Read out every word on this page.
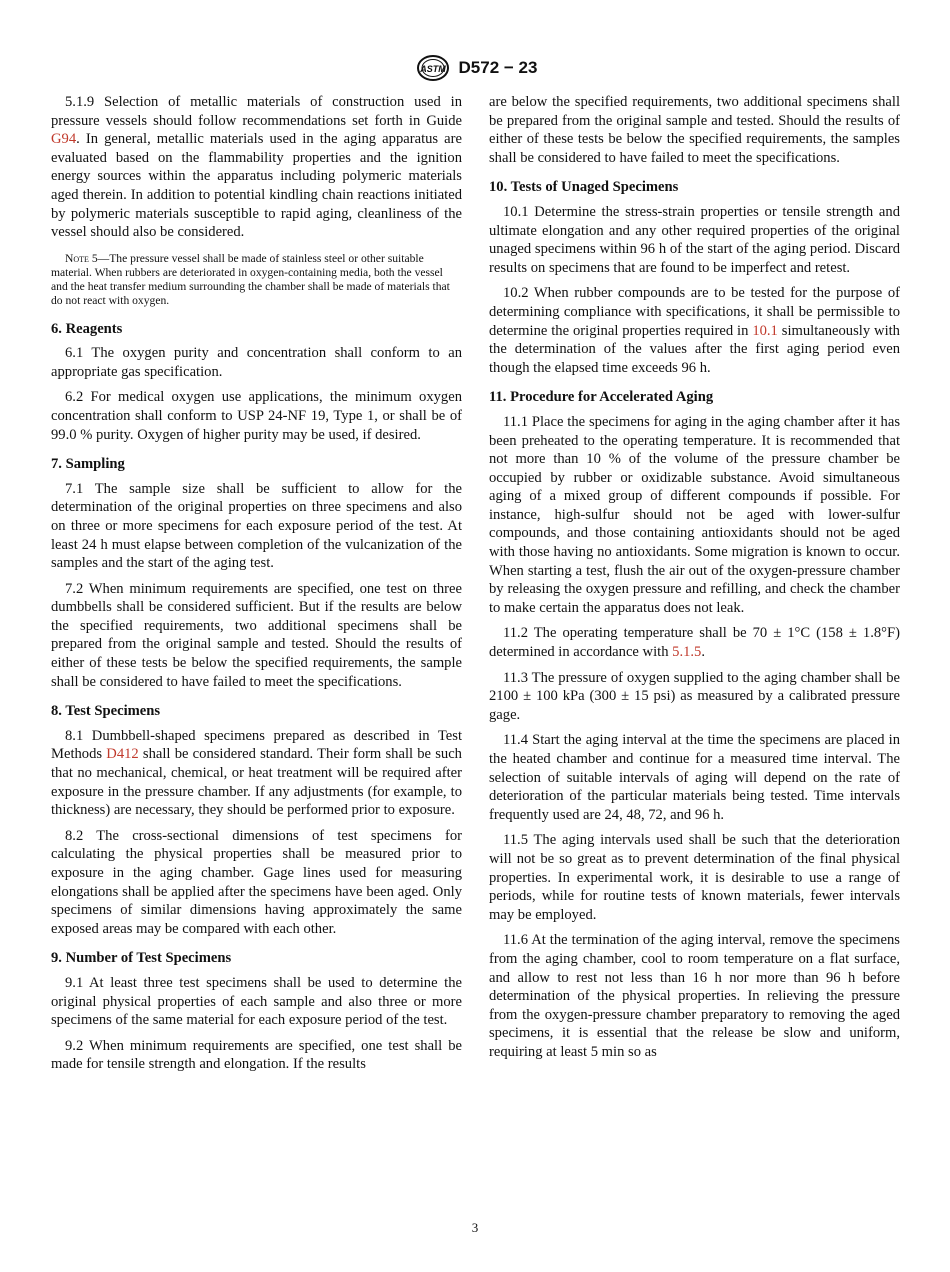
ASTM D572 − 23

5.1.9 Selection of metallic materials of construction used in pressure vessels should follow recommendations set forth in Guide G94. In general, metallic materials used in the aging apparatus are evaluated based on the flammability properties and the ignition energy sources within the apparatus including polymeric materials aged therein. In addition to potential kindling chain reactions initiated by polymeric materials susceptible to rapid aging, cleanliness of the vessel should also be considered.

Note 5—The pressure vessel shall be made of stainless steel or other suitable material. When rubbers are deteriorated in oxygen-containing media, both the vessel and the heat transfer medium surrounding the chamber shall be made of materials that do not react with oxygen.
6. Reagents

6.1 The oxygen purity and concentration shall conform to an appropriate gas specification.

6.2 For medical oxygen use applications, the minimum oxygen concentration shall conform to USP 24-NF 19, Type 1, or shall be of 99.0 % purity. Oxygen of higher purity may be used, if desired.

7. Sampling

7.1 The sample size shall be sufficient to allow for the determination of the original properties on three specimens and also on three or more specimens for each exposure period of the test. At least 24 h must elapse between completion of the vulcanization of the samples and the start of the aging test.

7.2 When minimum requirements are specified, one test on three dumbbells shall be considered sufficient. But if the results are below the specified requirements, two additional specimens shall be prepared from the original sample and tested. Should the results of either of these tests be below the specified requirements, the sample shall be considered to have failed to meet the specifications.

8. Test Specimens

8.1 Dumbbell-shaped specimens prepared as described in Test Methods D412 shall be considered standard. Their form shall be such that no mechanical, chemical, or heat treatment will be required after exposure in the pressure chamber. If any adjustments (for example, to thickness) are necessary, they should be performed prior to exposure.

8.2 The cross-sectional dimensions of test specimens for calculating the physical properties shall be measured prior to exposure in the aging chamber. Gage lines used for measuring elongations shall be applied after the specimens have been aged. Only specimens of similar dimensions having approximately the same exposed areas may be compared with each other.

9. Number of Test Specimens

9.1 At least three test specimens shall be used to determine the original physical properties of each sample and also three or more specimens of the same material for each exposure period of the test.

9.2 When minimum requirements are specified, one test shall be made for tensile strength and elongation. If the results

are below the specified requirements, two additional specimens shall be prepared from the original sample and tested. Should the results of either of these tests be below the specified requirements, the samples shall be considered to have failed to meet the specifications.

10. Tests of Unaged Specimens

10.1 Determine the stress-strain properties or tensile strength and ultimate elongation and any other required properties of the original unaged specimens within 96 h of the start of the aging period. Discard results on specimens that are found to be imperfect and retest.

10.2 When rubber compounds are to be tested for the purpose of determining compliance with specifications, it shall be permissible to determine the original properties required in 10.1 simultaneously with the determination of the values after the first aging period even though the elapsed time exceeds 96 h.

11. Procedure for Accelerated Aging

11.1 Place the specimens for aging in the aging chamber after it has been preheated to the operating temperature. It is recommended that not more than 10 % of the volume of the pressure chamber be occupied by rubber or oxidizable substance. Avoid simultaneous aging of a mixed group of different compounds if possible. For instance, high-sulfur should not be aged with lower-sulfur compounds, and those containing antioxidants should not be aged with those having no antioxidants. Some migration is known to occur. When starting a test, flush the air out of the oxygen-pressure chamber by releasing the oxygen pressure and refilling, and check the chamber to make certain the apparatus does not leak.

11.2 The operating temperature shall be 70 ± 1°C (158 ± 1.8°F) determined in accordance with 5.1.5.

11.3 The pressure of oxygen supplied to the aging chamber shall be 2100 ± 100 kPa (300 ± 15 psi) as measured by a calibrated pressure gage.

11.4 Start the aging interval at the time the specimens are placed in the heated chamber and continue for a measured time interval. The selection of suitable intervals of aging will depend on the rate of deterioration of the particular materials being tested. Time intervals frequently used are 24, 48, 72, and 96 h.

11.5 The aging intervals used shall be such that the deterioration will not be so great as to prevent determination of the final physical properties. In experimental work, it is desirable to use a range of periods, while for routine tests of known materials, fewer intervals may be employed.

11.6 At the termination of the aging interval, remove the specimens from the aging chamber, cool to room temperature on a flat surface, and allow to rest not less than 16 h nor more than 96 h before determination of the physical properties. In relieving the pressure from the oxygen-pressure chamber preparatory to removing the aged specimens, it is essential that the release be slow and uniform, requiring at least 5 min so as

3
